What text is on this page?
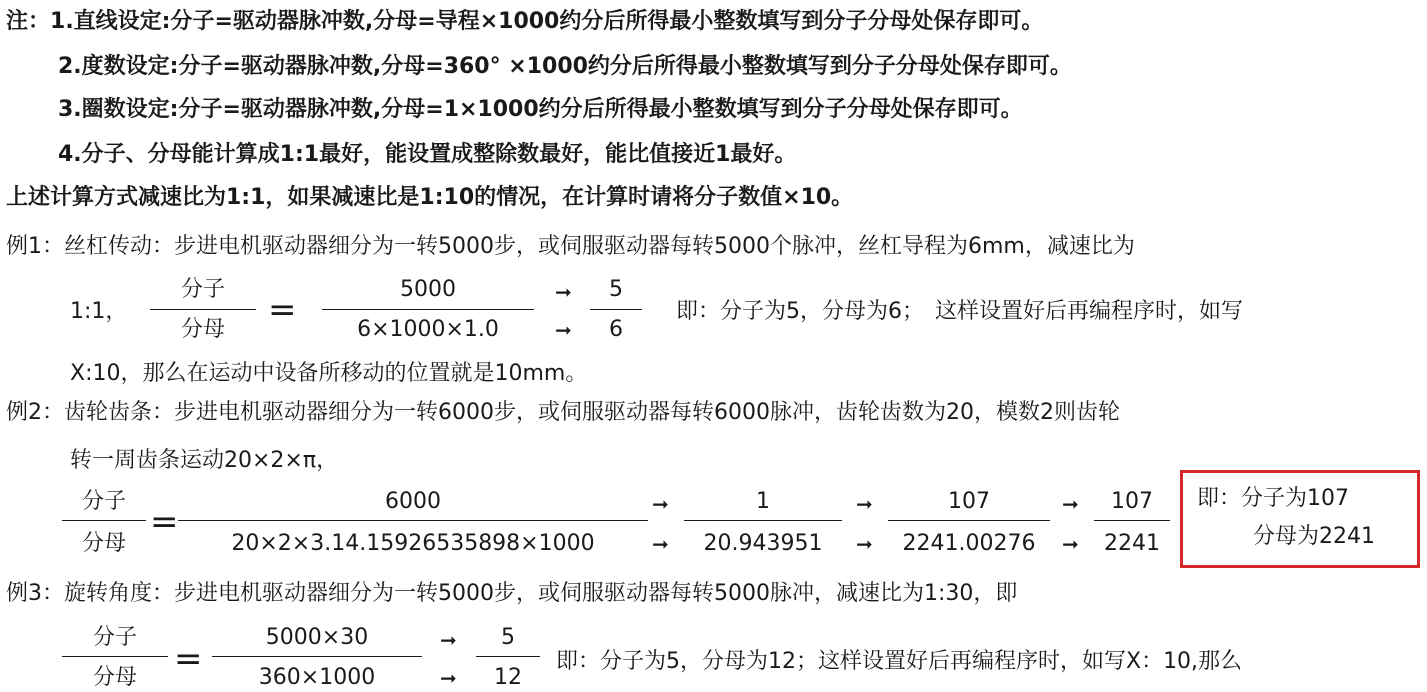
注：1.直线设定:分子=驱动器脉冲数,分母=导程×1000约分后所得最小整数填写到分子分母处保存即可。
2.度数设定:分子=驱动器脉冲数,分母=360° ×1000约分后所得最小整数填写到分子分母处保存即可。
3.圈数设定:分子=驱动器脉冲数,分母=1×1000约分后所得最小整数填写到分子分母处保存即可。
4.分子、分母能计算成1:1最好，能设置成整除数最好，能比值接近1最好。
上述计算方式减速比为1:1，如果减速比是1:10的情况，在计算时请将分子数值×10。
例1：丝杠传动：步进电机驱动器细分为一转5000步，或伺服驱动器每转5000个脉冲，丝杠导程为6mm，减速比为
1:1，
分子
分母	=
5000
6×1000×1.0
➞
➞
5
6
即：分子为5，分母为6；　这样设置好后再编程序时，如写
X:10，那么在运动中设备所移动的位置就是10mm。
例2：齿轮齿条：步进电机驱动器细分为一转6000步，或伺服驱动器每转6000脉冲，齿轮齿数为20，模数2则齿轮
转一周齿条运动20×2×π，
分子
分母
=
6000
20×2×3.14.15926535898×1000
➞
➞
1
20.943951
➞
➞
107
2241.00276
➞
➞
107
2241
即：分子为107
分母为2241
例3：旋转角度：步进电机驱动器细分为一转5000步，或伺服驱动器每转5000脉冲，减速比为1:30，即
分子
分母	=
5000×30
360×1000
➞
➞
5
12
即：分子为5，分母为12；这样设置好后再编程序时，如写X：10,那么
